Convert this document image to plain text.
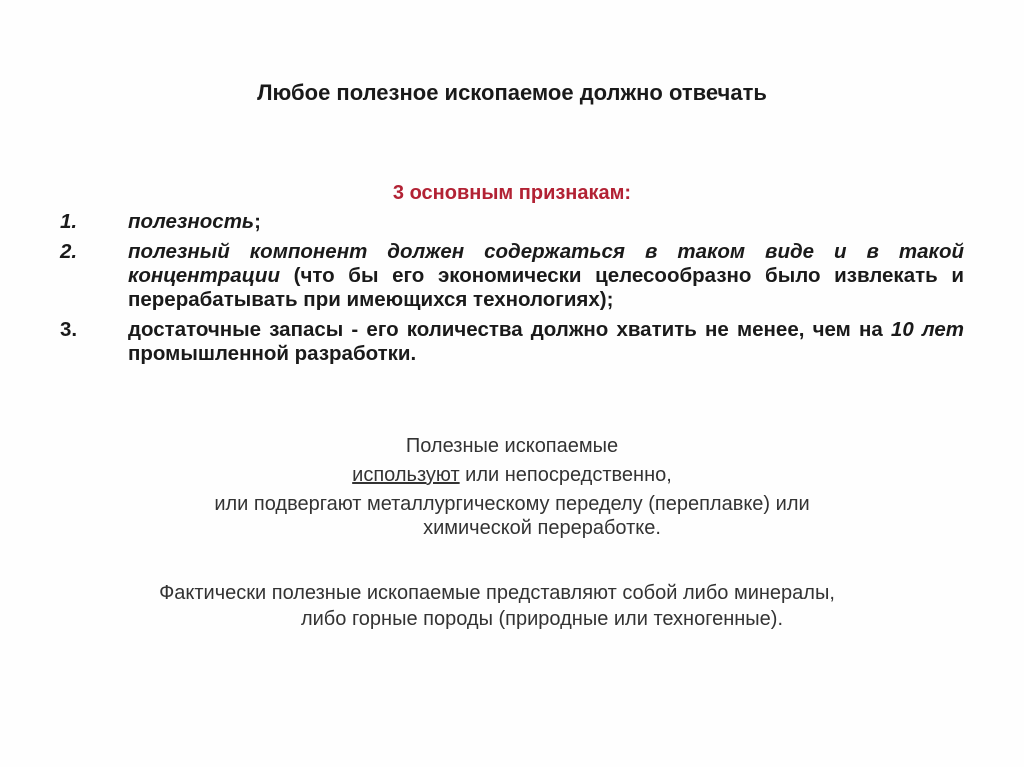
Любое полезное ископаемое должно отвечать
3 основным признакам:
1. полезность;
2. полезный компонент должен содержаться в таком виде и в такой концентрации (что бы его экономически целесообразно было извлекать и перерабатывать при имеющихся технологиях);
3. достаточные запасы - его количества должно хватить не менее, чем на 10 лет промышленной разработки.
Полезные ископаемые
используют или непосредственно,
или подвергают металлургическому переделу (переплавке) или
химической переработке.
Фактически полезные ископаемые представляют собой либо минералы,
либо горные породы (природные или техногенные).
